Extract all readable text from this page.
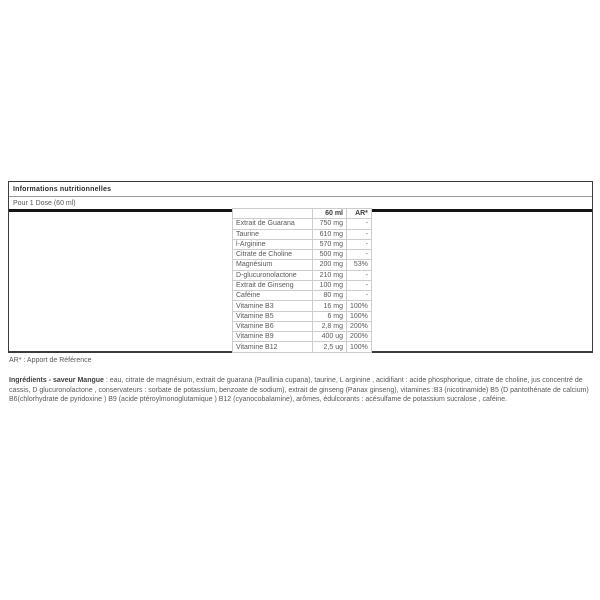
Informations nutritionnelles
Pour 1 Dose (60 ml)
	60 ml	AR*
Extrait de Guarana	750 mg	-
Taurine	610 mg	-
l-Arginine	570 mg	-
Citrate de Choline	500 mg	-
Magnésium	200 mg	53%
D-glucuronolactone	210 mg	-
Extrait de Ginseng	100 mg	-
Caféine	80 mg	-
Vitamine B3	16 mg	100%
Vitamine B5	6 mg	100%
Vitamine B6	2,8 mg	200%
Vitamine B9	400 ug	200%
Vitamine B12	2,5 ug	100%
AR* : Apport de Référence
Ingrédients - saveur Mangue : eau, citrate de magnésium, extrait de guarana (Paullinia cupana), taurine, L arginine , acidifiant : acide phosphorique, citrate de choline, jus concentré de cassis, D glucuronolactone , conservateurs : sorbate de potassium, benzoate de sodium), extrait de ginseng (Panax ginseng), vitamines :B3 (nicotinamide) B5 (D pantothénate de calcium) B6(chlorhydrate de pyridoxine ) B9 (acide ptéroylmonoglutamique ) B12 (cyanocobalamine), arômes, édulcorants : acésulfame de potassium sucralose , caféine.
